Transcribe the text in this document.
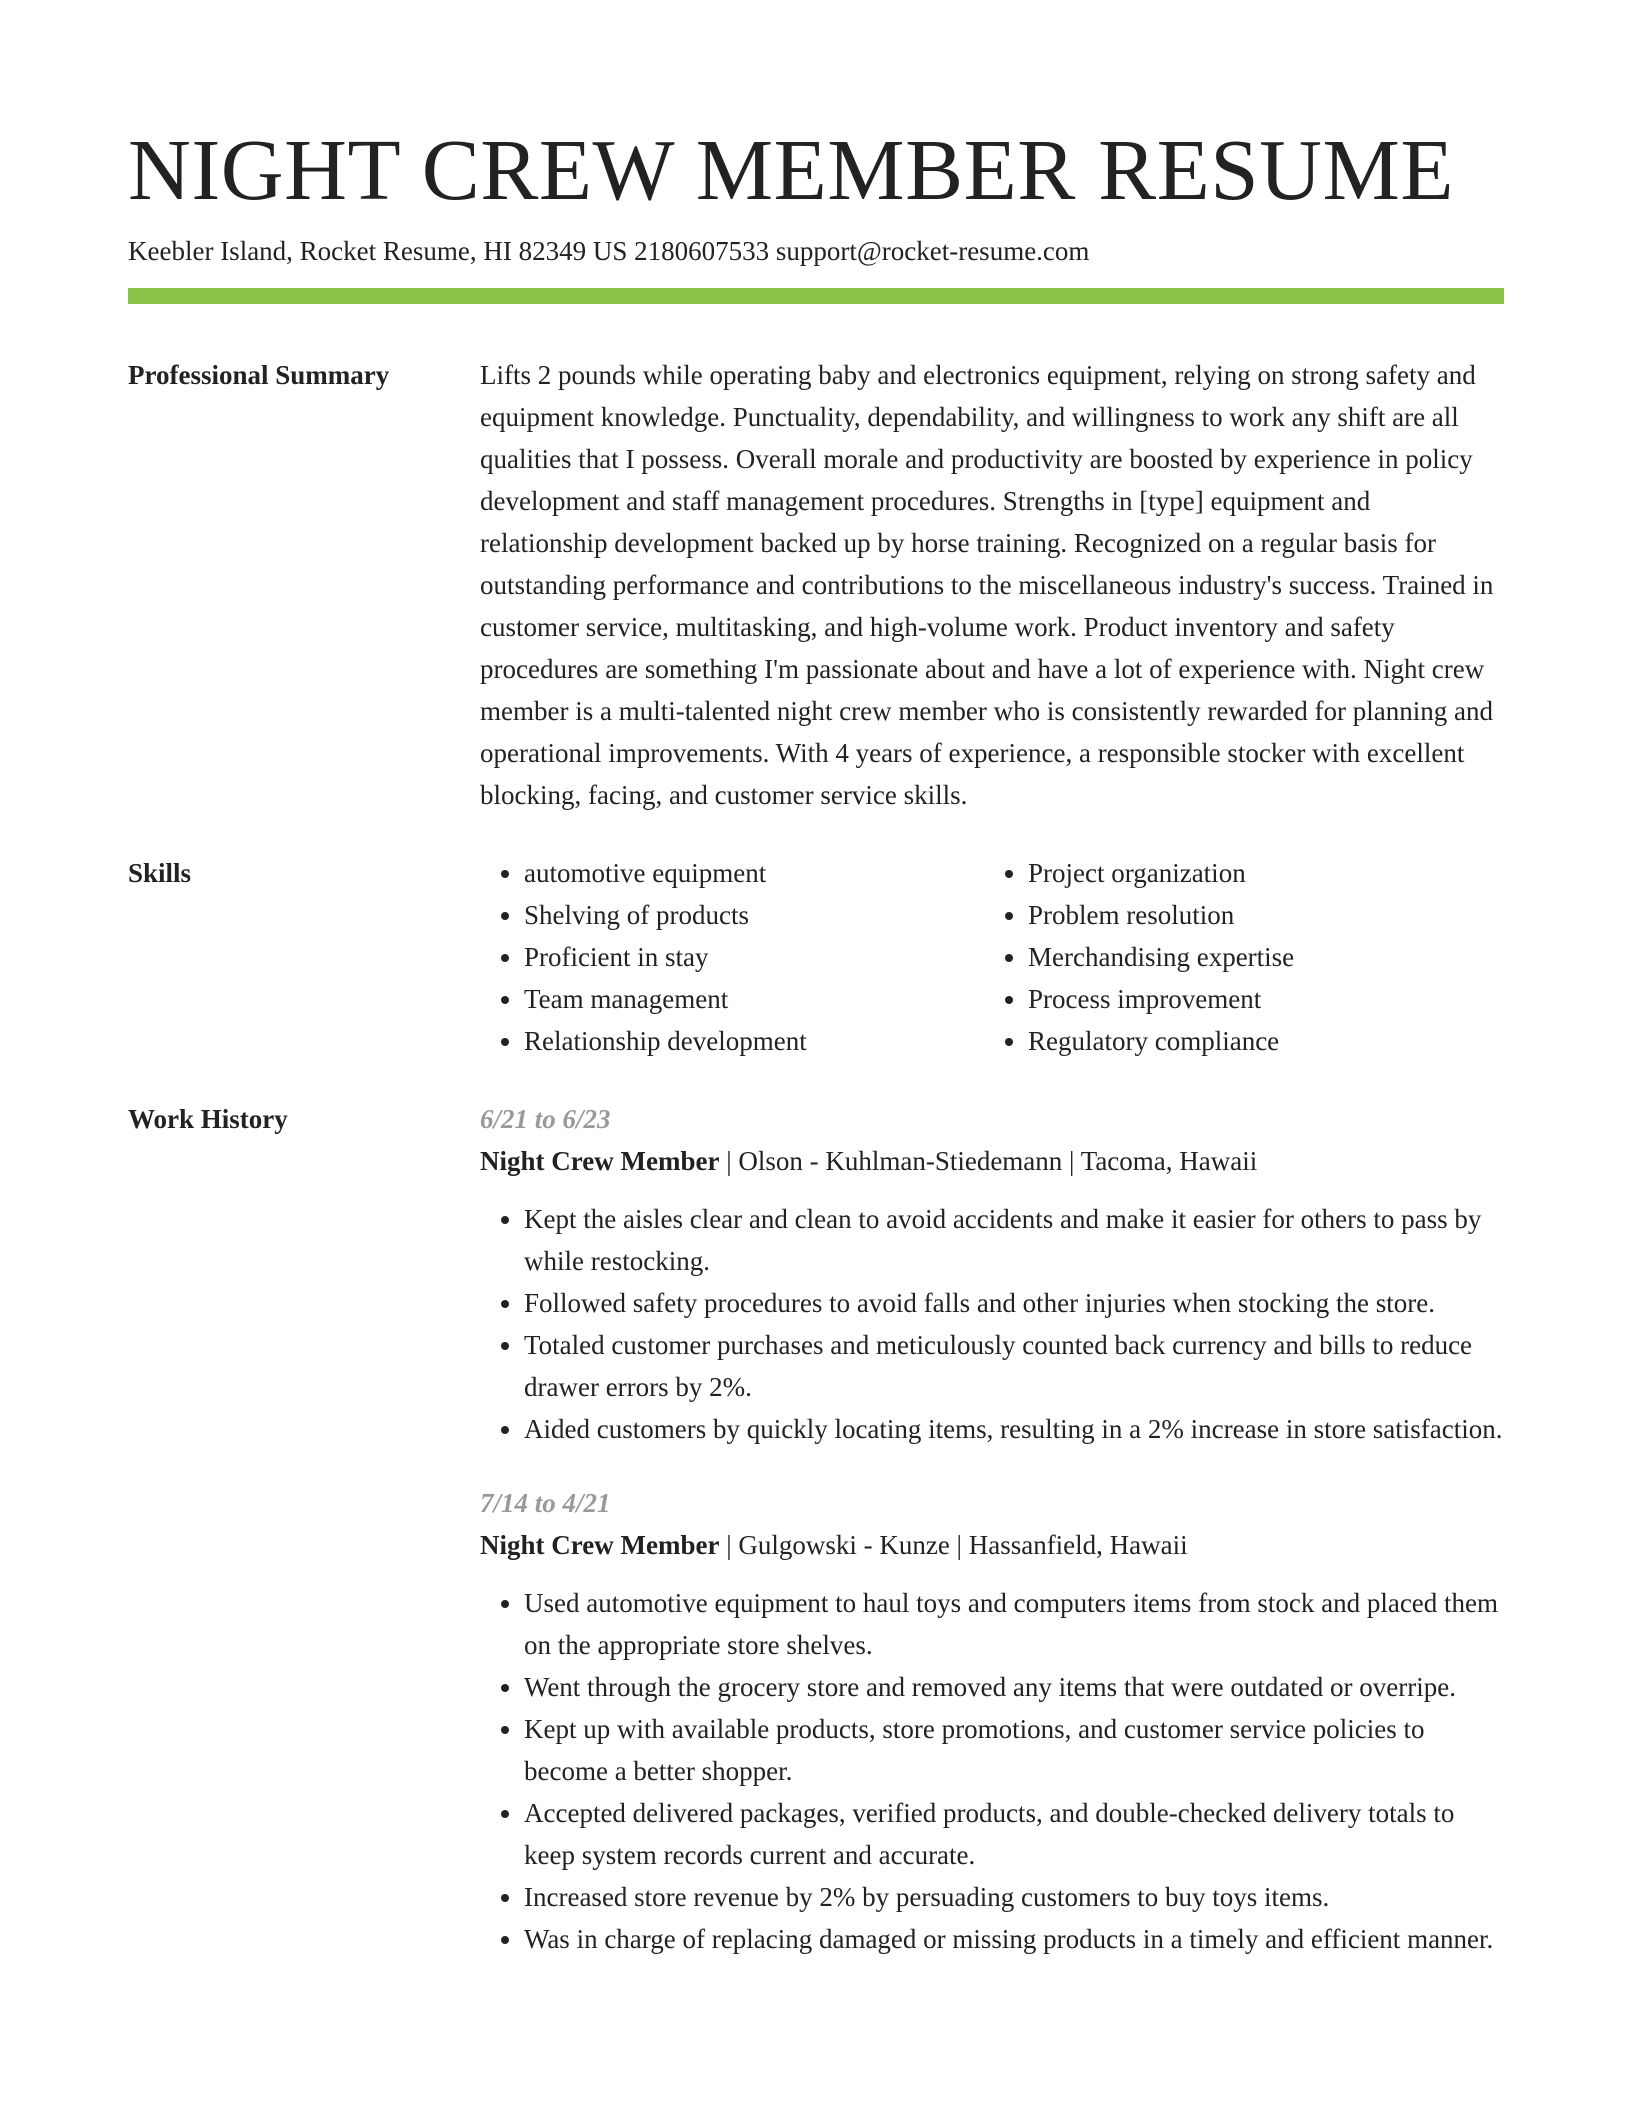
NIGHT CREW MEMBER RESUME
Keebler Island, Rocket Resume, HI 82349 US 2180607533 support@rocket-resume.com
Professional Summary	Lifts 2 pounds while operating baby and electronics equipment, relying on strong safety and equipment knowledge. Punctuality, dependability, and willingness to work any shift are all qualities that I possess. Overall morale and productivity are boosted by experience in policy development and staff management procedures. Strengths in [type] equipment and relationship development backed up by horse training. Recognized on a regular basis for outstanding performance and contributions to the miscellaneous industry's success. Trained in customer service, multitasking, and high-volume work. Product inventory and safety procedures are something I'm passionate about and have a lot of experience with. Night crew member is a multi-talented night crew member who is consistently rewarded for planning and operational improvements. With 4 years of experience, a responsible stocker with excellent blocking, facing, and customer service skills.

Skills
•	automotive equipment
• Shelving of products
• Proficient in stay
• Team management
• Relationship development
• Project organization
• Problem resolution
• Merchandising expertise
• Process improvement
• Regulatory compliance
Work History	6/21 to 6/23
Night Crew Member | Olson - Kuhlman-Stiedemann | Tacoma, Hawaii
• Kept the aisles clear and clean to avoid accidents and make it easier for others to pass by while restocking.
• Followed safety procedures to avoid falls and other injuries when stocking the store.
• Totaled customer purchases and meticulously counted back currency and bills to reduce drawer errors by 2%.
• Aided customers by quickly locating items, resulting in a 2% increase in store satisfaction.
7/14 to 4/21
Night Crew Member | Gulgowski - Kunze | Hassanfield, Hawaii
• Used automotive equipment to haul toys and computers items from stock and placed them on the appropriate store shelves.
• Went through the grocery store and removed any items that were outdated or overripe.
• Kept up with available products, store promotions, and customer service policies to become a better shopper.
• Accepted delivered packages, verified products, and double-checked delivery totals to keep system records current and accurate.
• Increased store revenue by 2% by persuading customers to buy toys items.
• Was in charge of replacing damaged or missing products in a timely and efficient manner.
